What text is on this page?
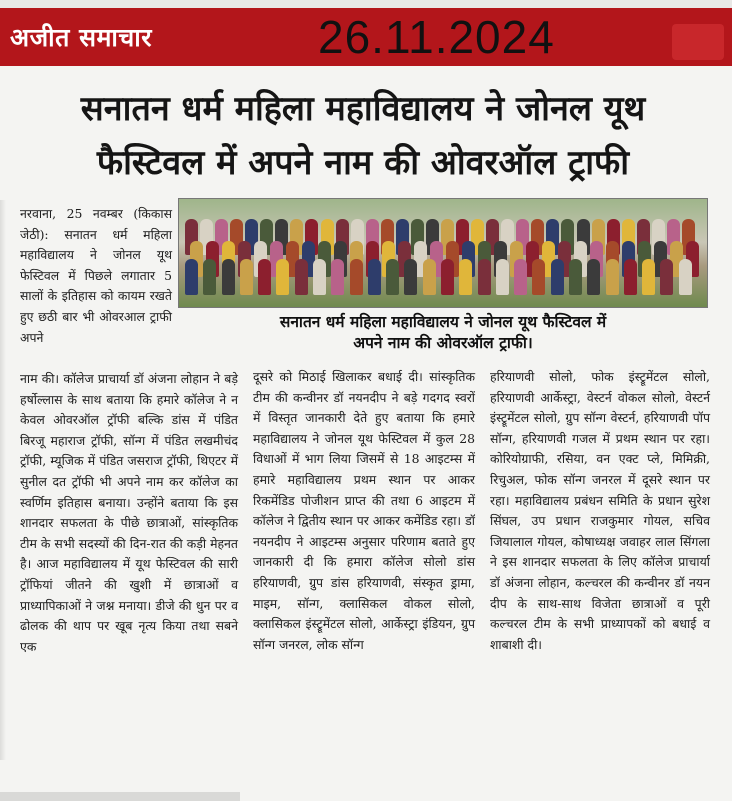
अजीत समाचार	26.11.2024
सनातन धर्म महिला महाविद्यालय ने जोनल यूथ
फैस्टिवल में अपने नाम की ओवरऑल ट्राफी

नरवाना, 25 नवम्बर (किकास जेठी): सनातन धर्म महिला महाविद्यालय ने जोनल यूथ फेस्टिवल में पिछले लगातार 5 सालों के इतिहास को कायम रखते हुए छठी बार भी ओवरआल ट्राफी अपने

सनातन धर्म महिला महाविद्यालय ने जोनल यूथ फैस्टिवल में
अपने नाम की ओवरऑल ट्राफी।

नाम की। कॉलेज प्राचार्या डॉ अंजना लोहान ने बड़े हर्षोल्लास के साथ बताया कि हमारे कॉलेज ने न केवल ओवरऑल ट्रॉफी बल्कि डांस में पंडित बिरजू महाराज ट्रॉफी, सॉन्ग में पंडित लखमीचंद ट्रॉफी, म्यूजिक में पंडित जसराज ट्रॉफी, थिएटर में सुनील दत ट्रॉफी भी अपने नाम कर कॉलेज का स्वर्णिम इतिहास बनाया। उन्होंने बताया कि इस शानदार सफलता के पीछे छात्राओं, सांस्कृतिक टीम के सभी सदस्यों की दिन-रात की कड़ी मेहनत है। आज महाविद्यालय में यूथ फेस्टिवल की सारी ट्रॉफियां जीतने की खुशी में छात्राओं व प्राध्यापिकाओं ने जश्न मनाया। डीजे की धुन पर व ढोलक की थाप पर खूब नृत्य किया तथा सबने एक

दूसरे को मिठाई खिलाकर बधाई दी। सांस्कृतिक टीम की कन्वीनर डॉ नयनदीप ने बड़े गदगद स्वरों में विस्तृत जानकारी देते हुए बताया कि हमारे महाविद्यालय ने जोनल यूथ फेस्टिवल में कुल 28 विधाओं में भाग लिया जिसमें से 18 आइटम्स में हमारे महाविद्यालय प्रथम स्थान पर आकर रिकमेंडिड पोजीशन प्राप्त की तथा 6 आइटम में कॉलेज ने द्वितीय स्थान पर आकर कमेंडिड रहा। डॉ नयनदीप ने आइटम्स अनुसार परिणाम बताते हुए जानकारी दी कि हमारा कॉलेज सोलो डांस हरियाणवी, ग्रुप डांस हरियाणवी, संस्कृत ड्रामा, माइम, सॉन्ग, क्लासिकल वोकल सोलो, क्लासिकल इंस्ट्रूमेंटल सोलो, आर्केस्ट्रा इंडियन, ग्रुप सॉन्ग जनरल, लोक सॉन्ग

हरियाणवी सोलो, फोक इंस्ट्रूमेंटल सोलो, हरियाणवी आर्केस्ट्रा, वेस्टर्न वोकल सोलो, वेस्टर्न इंस्ट्रूमेंटल सोलो, ग्रुप सॉन्ग वेस्टर्न, हरियाणवी पॉप सॉन्ग, हरियाणवी गजल में प्रथम स्थान पर रहा। कोरियोग्राफी, रसिया, वन एक्ट प्ले, मिमिक्री, रिचुअल, फोक सॉन्ग जनरल में दूसरे स्थान पर रहा। महाविद्यालय प्रबंधन समिति के प्रधान सुरेश सिंघल, उप प्रधान राजकुमार गोयल, सचिव जियालाल गोयल, कोषाध्यक्ष जवाहर लाल सिंगला ने इस शानदार सफलता के लिए कॉलेज प्राचार्या डॉ अंजना लोहान, कल्चरल की कन्वीनर डॉ नयन दीप के साथ-साथ विजेता छात्राओं व पूरी कल्चरल टीम के सभी प्राध्यापकों को बधाई व शाबाशी दी।
